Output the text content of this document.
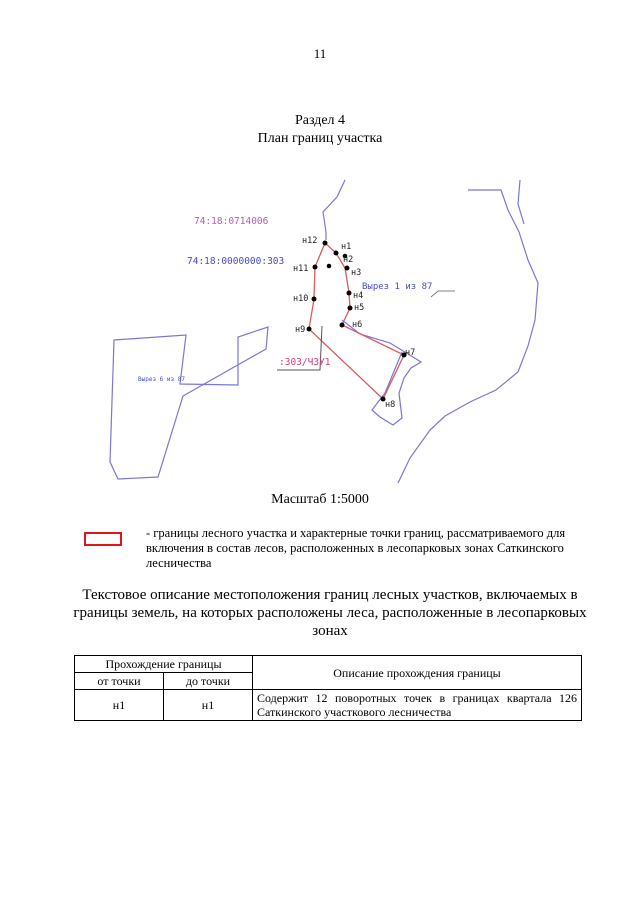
11
Раздел 4
План границ участка
н1
н2
н3
н4
н5
н6
н7
н8
н9
н10
н11
н12
74:18:0714006
74:18:0000000:303
Вырез 1 из 87
Вырез 6 из 87
:303/ЧЗУ1
Масштаб 1:5000
- границы лесного участка и характерные точки границ, рассматриваемого для включения в состав лесов, расположенных в лесопарковых зонах Саткинского лесничества
Текстовое описание местоположения границ лесных участков, включаемых в границы земель, на которых расположены леса, расположенные в лесопарковых зонах
Прохождение границы		Описание прохождения границы
от точки	до точки	
н1	н1	Содержит 12 поворотных точек в границах квартала 126 Саткинского участкового лесничества
